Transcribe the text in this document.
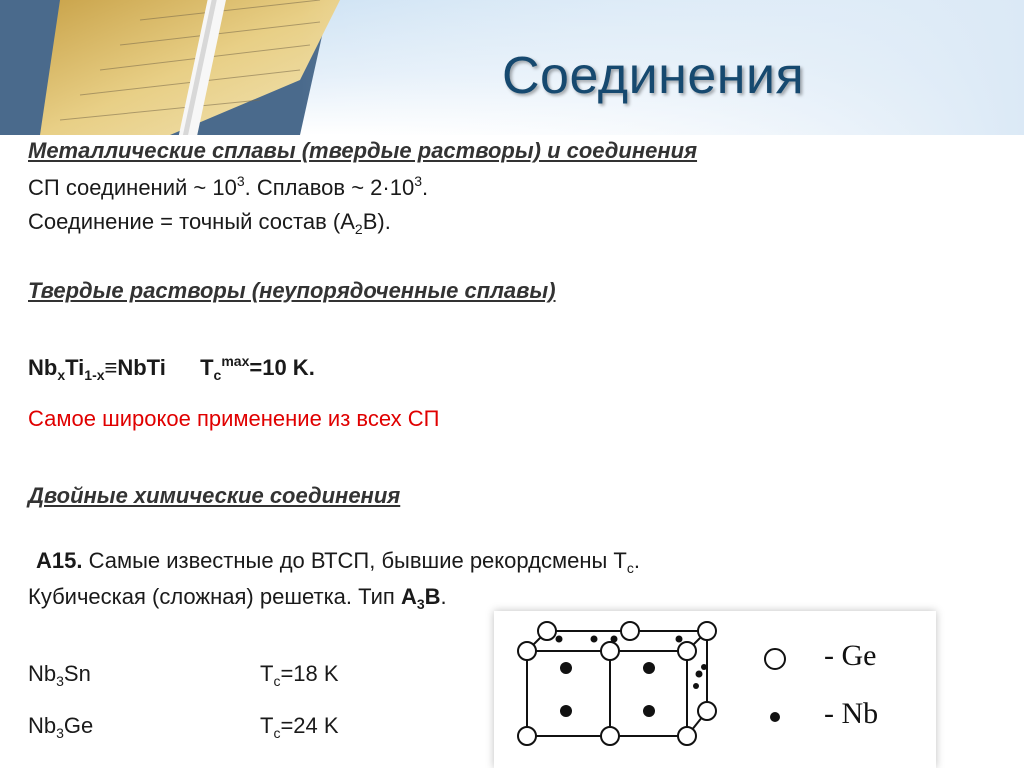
Соединения
Металлические сплавы (твердые растворы) и соединения
СП соединений ~ $10^3$. Сплавов ~ $2\cdot 10^3$.
Соединение = точный состав $(А_2В)$.
Твердые растворы (неупорядоченные сплавы)
$Nb_xTi_{1-x}\equiv NbTi$ $T_c^{max}=10$ K.
Самое широкое применение из всех СП
Двойные химические соединения
А15. Самые известные до ВТСП, бывшие рекордсмены $Т_c$.
Кубическая (сложная) решетка. Тип $А_3В$.
$Nb_3Sn$	$T_c=18$ K
$Nb_3Ge$	$T_c=24$ K
- Ge
- Nb
